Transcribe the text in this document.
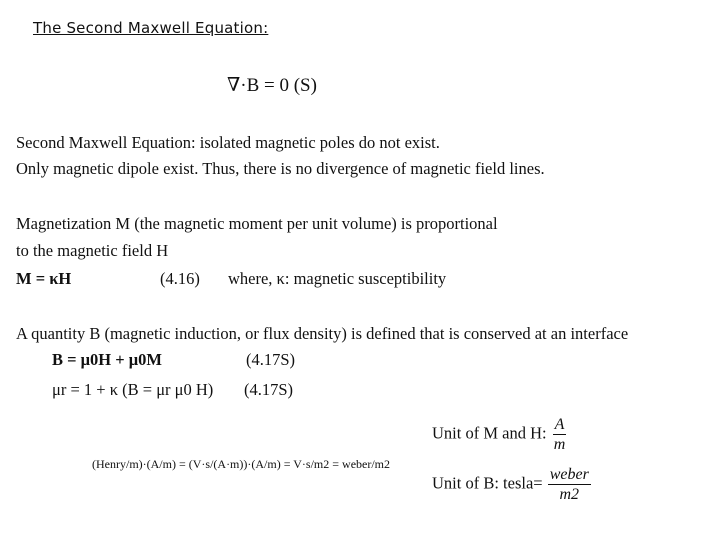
The Second Maxwell Equation:
∇·B = 0 (S)
Second Maxwell Equation: isolated magnetic poles do not exist.
Only magnetic dipole exist. Thus, there is no divergence of magnetic field lines.
Magnetization M (the magnetic moment per unit volume) is proportional
to the magnetic field H
M = κH	(4.16) where, κ: magnetic susceptibility
A quantity B (magnetic induction, or flux density) is defined that is conserved at an interface
B = μ0H + μ0M	(4.17S)
μr = 1 + κ (B = μr μ0 H) (4.17S)
Unit of M and H: $\frac{A}{m}$
Unit of B: tesla= $\frac{\text{weber}}{m2}$
(Henry/m)·(A/m) = (V·s/(A·m))·(A/m) = V·s/m2 = weber/m2
